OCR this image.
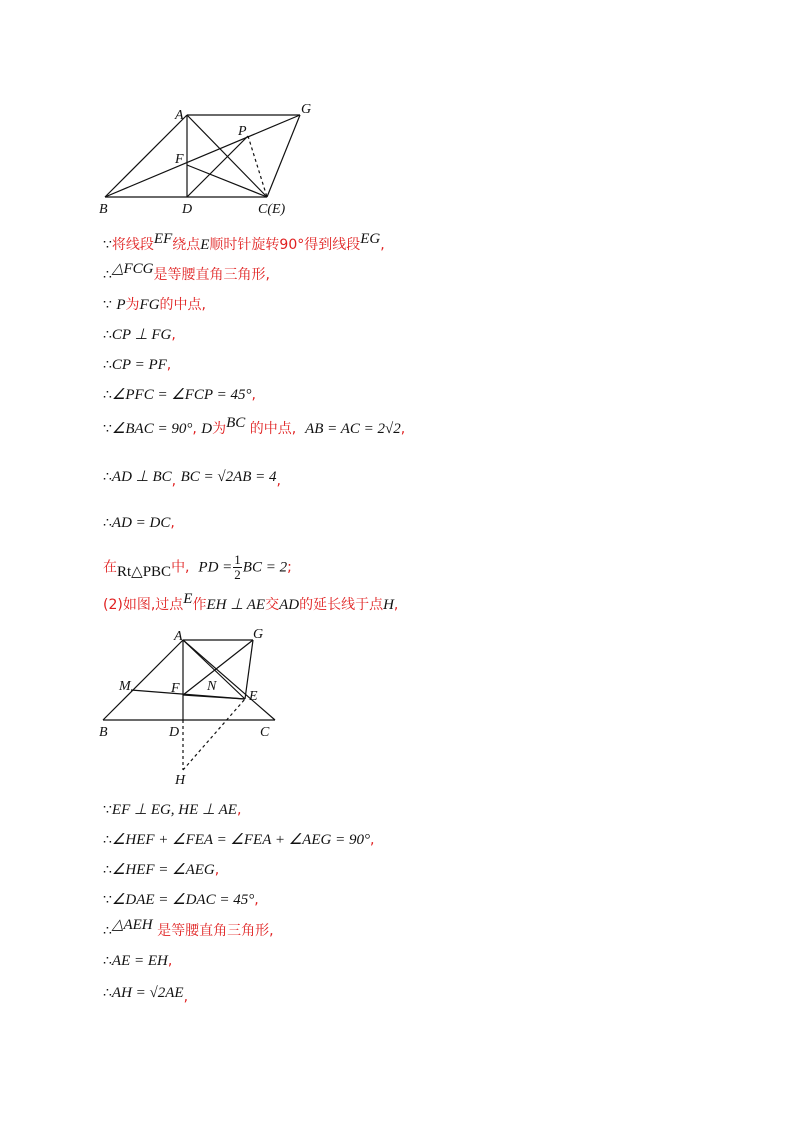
A	G
P
F
B	D	C(E)
∵将线段EF绕点E顺时针旋转90°得到线段EG,
∴△FCG是等腰直角三角形,
∵ P为FG的中点,
∴CP ⊥ FG,
∴CP = PF,
∴∠PFC = ∠FCP = 45°,
∵∠BAC = 90°, D为BC 的中点, AB = AC = 2√2,
∴AD ⊥ BC, BC = √2AB = 4,
∴AD = DC,
在Rt△PBC中, PD = $\frac{1}{2}$ BC = 2;
(2)如图,过点E作EH ⊥ AE交AD的延长线于点H,
A	G
M	F N
E
B	D	C
H
∵EF ⊥ EG, HE ⊥ AE,
∴∠HEF + ∠FEA = ∠FEA + ∠AEG = 90°,
∴∠HEF = ∠AEG,
∵∠DAE = ∠DAC = 45°,
∴△AEH 是等腰直角三角形,
∴AE = EH,
∴AH = √2AE,
